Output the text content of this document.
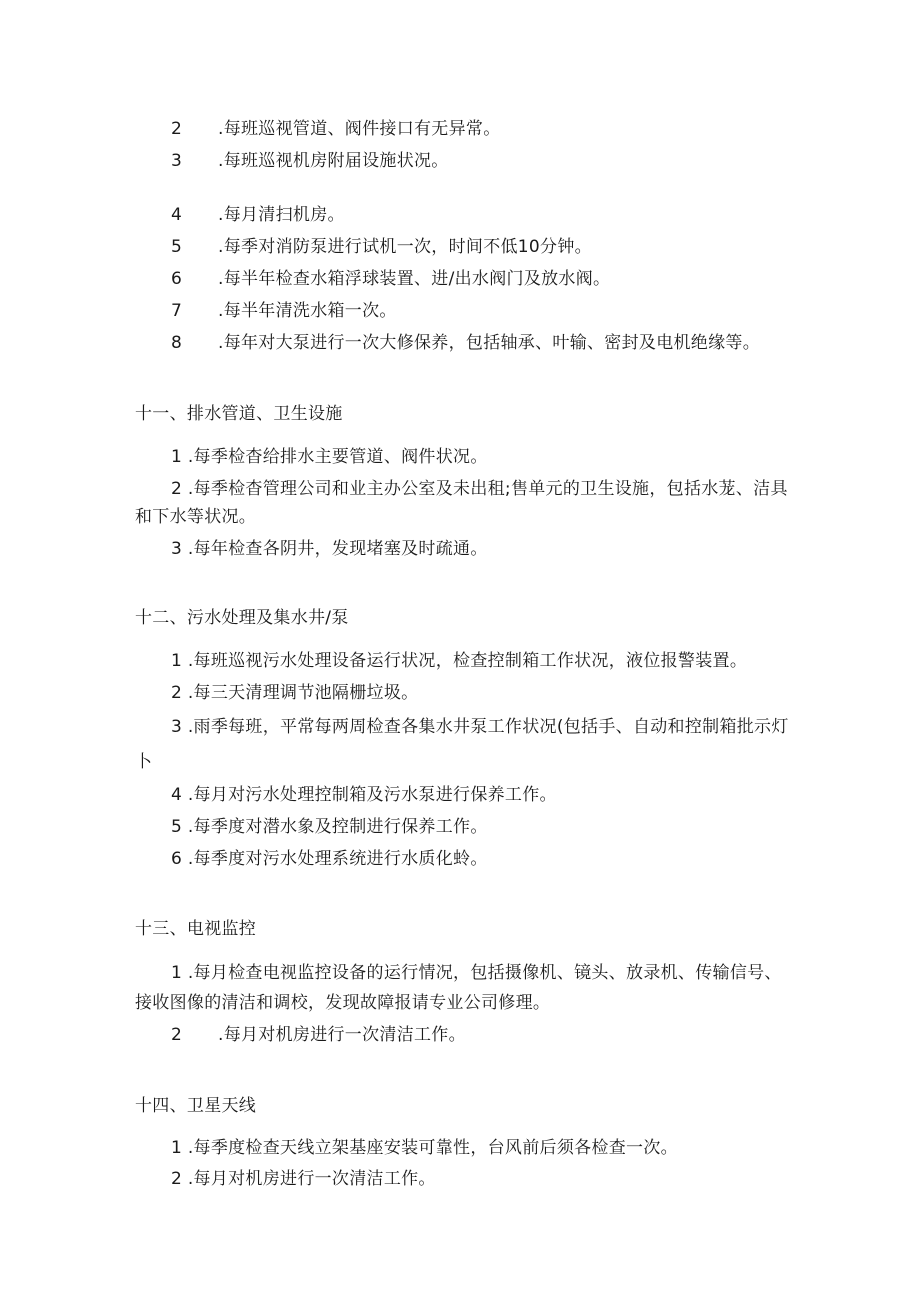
2 .每班巡视管道、阀件接口有无异常。

3 .每班巡视机房附届设施状况。

4 .每月清扫机房。

5 .每季对消防泵进行试机一次，时间不低10分钟。

6 .每半年检查水箱浮球装置、进/出水阀门及放水阀。

7 .每半年清洗水箱一次。

8 .每年对大泵进行一次大修保养，包括轴承、叶输、密封及电机绝缘等。

十一、排水管道、卫生设施

1 .每季检杳给排水主要管道、阀件状况。

2 .每季检杳管理公司和业主办公室及未出租;售单元的卫生设施，包括水茏、洁具

和下水等状况。

3 .每年检查各阴井，发现堵塞及时疏通。

十二、污水处理及集水井/泵

1 .每班巡视污水处理设备运行状况，检查控制箱工作状况，液位报警装置。

2 .每三天清理调节池隔栅垃圾。

3 .雨季每班，平常每两周检查各集水井泵工作状况(包括手、自动和控制箱批示灯

卜

4 .每月对污水处理控制箱及污水泵进行保养工作。

5 .每季度对潜水象及控制进行保养工作。

6 .每季度对污水处理系统进行水质化蛉。

十三、电视监控

1 .每月检查电视监控设备的运行情况，包括摄像机、镜头、放录机、传输信号、

接收图像的清洁和调校，发现故障报请专业公司修理。

2 .每月对机房进行一次清洁工作。

十四、卫星天线

1 .每季度检查天线立架基座安装可靠性，台风前后须各检查一次。

2 .每月对机房进行一次清洁工作。
